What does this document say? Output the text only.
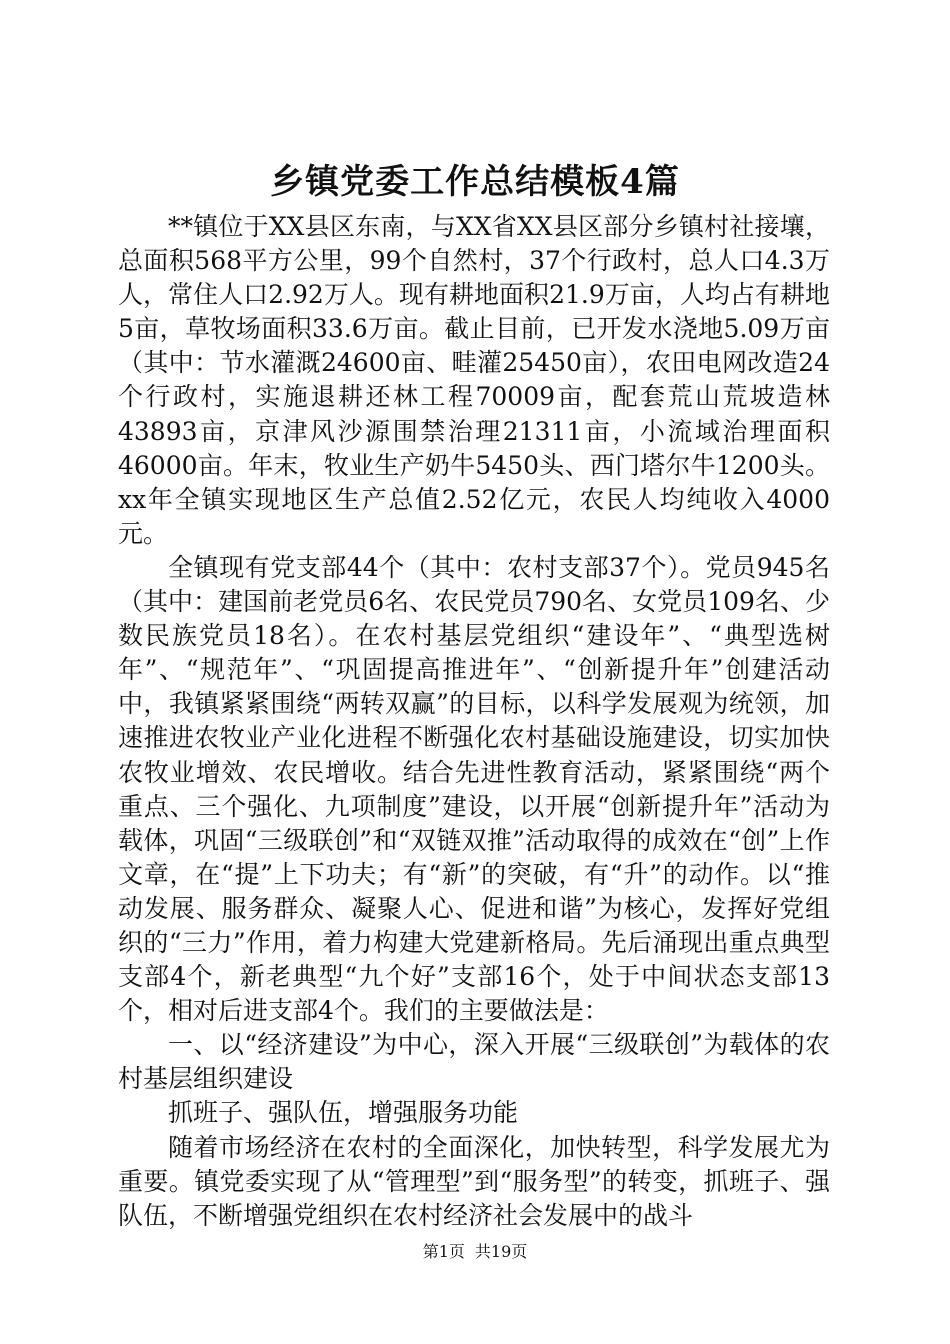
乡镇党委工作总结模板4篇

**镇位于XX县区东南，与XX省XX县区部分乡镇村社接壤，总面积568平方公里，99个自然村，37个行政村，总人口4.3万人，常住人口2.92万人。现有耕地面积21.9万亩，人均占有耕地5亩，草牧场面积33.6万亩。截止目前，已开发水浇地5.09万亩（其中：节水灌溉24600亩、畦灌25450亩），农田电网改造24个行政村，实施退耕还林工程70009亩，配套荒山荒坡造林43893亩，京津风沙源围禁治理21311亩，小流域治理面积46000亩。年末，牧业生产奶牛5450头、西门塔尔牛1200头。xx年全镇实现地区生产总值2.52亿元，农民人均纯收入4000元。

全镇现有党支部44个（其中：农村支部37个）。党员945名（其中：建国前老党员6名、农民党员790名、女党员109名、少数民族党员18名）。在农村基层党组织“建设年”、“典型选树年”、“规范年”、“巩固提高推进年”、“创新提升年”创建活动中，我镇紧紧围绕“两转双赢”的目标，以科学发展观为统领，加速推进农牧业产业化进程不断强化农村基础设施建设，切实加快农牧业增效、农民增收。结合先进性教育活动，紧紧围绕“两个重点、三个强化、九项制度”建设，以开展“创新提升年”活动为载体，巩固“三级联创”和“双链双推”活动取得的成效在“创”上作文章，在“提”上下功夫；有“新”的突破，有“升”的动作。以“推动发展、服务群众、凝聚人心、促进和谐”为核心，发挥好党组织的“三力”作用，着力构建大党建新格局。先后涌现出重点典型支部4个，新老典型“九个好”支部16个，处于中间状态支部13个，相对后进支部4个。我们的主要做法是：

一、以“经济建设”为中心，深入开展“三级联创”为载体的农村基层组织建设

抓班子、强队伍，增强服务功能

随着市场经济在农村的全面深化，加快转型，科学发展尤为重要。镇党委实现了从“管理型”到“服务型”的转变，抓班子、强队伍，不断增强党组织在农村经济社会发展中的战斗

第1页 共19页
